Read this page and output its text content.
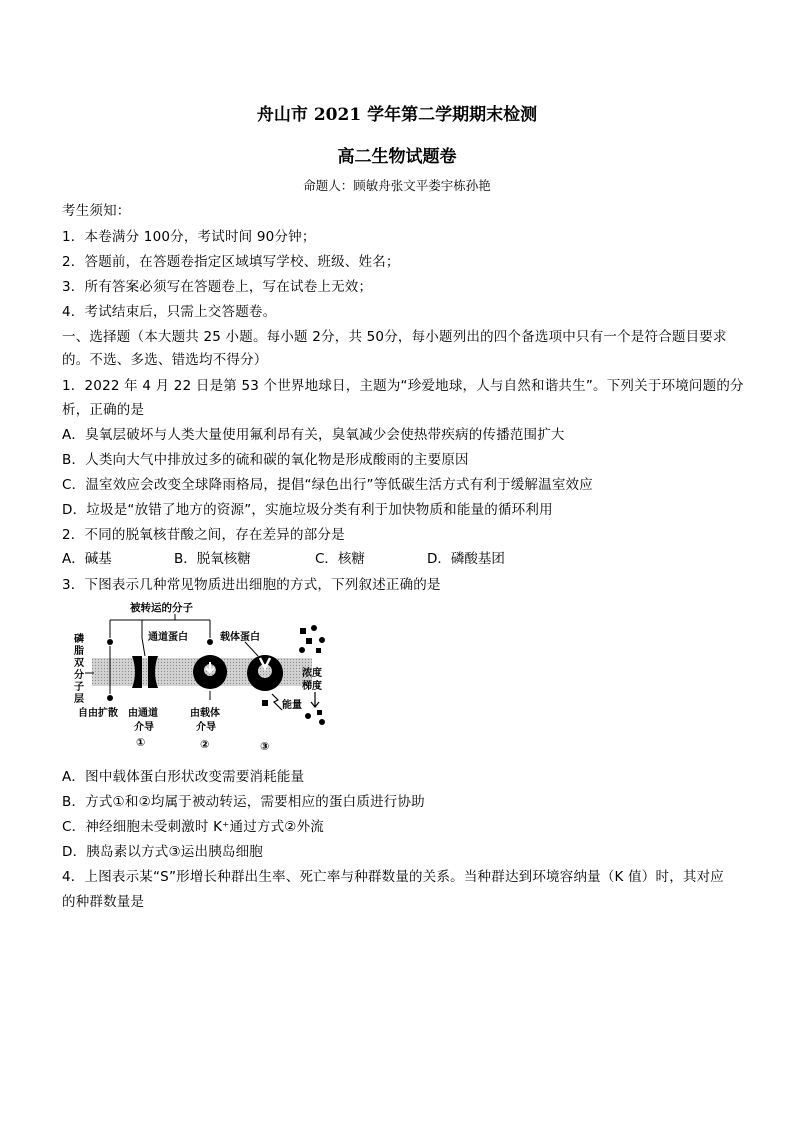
舟山市 2021 学年第二学期期末检测
高二生物试题卷
命题人：顾敏舟张文平娄宇栋孙艳
考生须知：
1．本卷满分 100分，考试时间 90分钟；
2．答题前，在答题卷指定区域填写学校、班级、姓名；
3．所有答案必须写在答题卷上，写在试卷上无效；
4．考试结束后，只需上交答题卷。
一、选择题（本大题共 25 小题。每小题 2分，共 50分，每小题列出的四个备选项中只有一个是符合题目要求
的。不选、多选、错选均不得分）
1．2022 年 4 月 22 日是第 53 个世界地球日，主题为“珍爱地球，人与自然和谐共生”。下列关于环境问题的分
析，正确的是
A．臭氧层破坏与人类大量使用氟利昂有关，臭氧减少会使热带疾病的传播范围扩大
B．人类向大气中排放过多的硫和碳的氧化物是形成酸雨的主要原因
C．温室效应会改变全球降雨格局，提倡“绿色出行”等低碳生活方式有利于缓解温室效应
D．垃圾是“放错了地方的资源”，实施垃圾分类有利于加快物质和能量的循环利用
2．不同的脱氧核苷酸之间，存在差异的部分是
A．碱基	B．脱氧核糖	C．核糖	D．磷酸基团
3．下图表示几种常见物质进出细胞的方式，下列叙述正确的是
被转运的分子
磷
脂
双
分
子
层
通道蛋白	载体蛋白
能量
浓度
梯度
自由扩散 由通道
介导
①
由载体
介导
②	③
A．图中载体蛋白形状改变需要消耗能量
B．方式①和②均属于被动转运，需要相应的蛋白质进行协助
C．神经细胞未受刺激时 K⁺通过方式②外流
D．胰岛素以方式③运出胰岛细胞
4．上图表示某“S”形增长种群出生率、死亡率与种群数量的关系。当种群达到环境容纳量（K 值）时，其对应
的种群数量是
